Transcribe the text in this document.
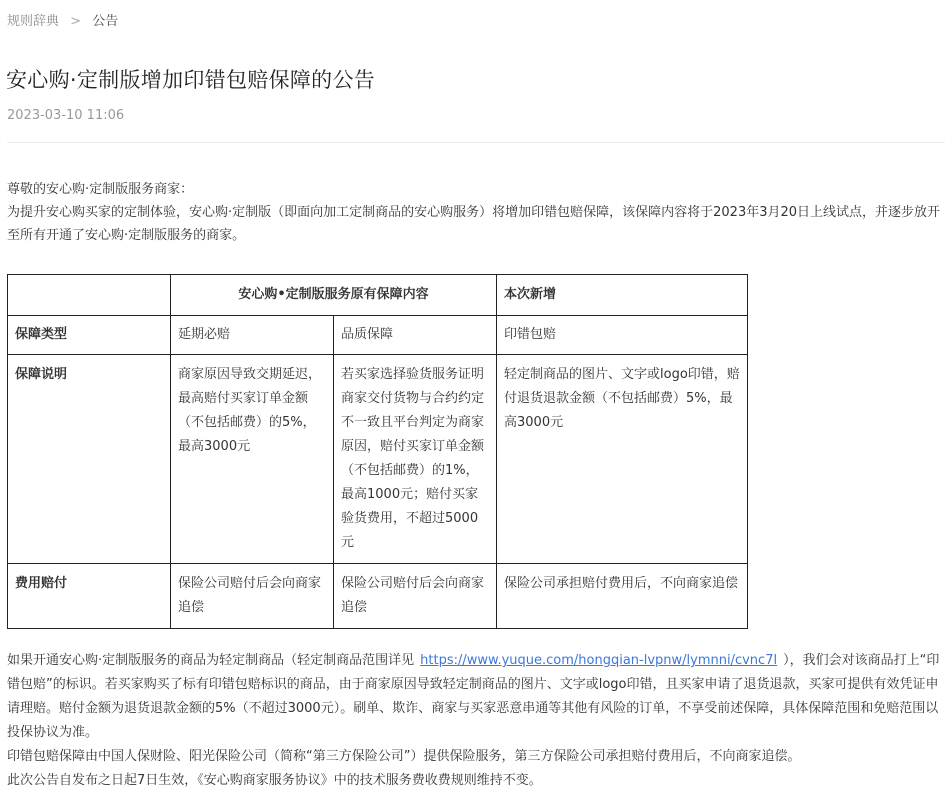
规则辞典 > 公告
安心购·定制版增加印错包赔保障的公告
2023-03-10 11:06
尊敬的安心购·定制版服务商家：
为提升安心购买家的定制体验，安心购·定制版（即面向加工定制商品的安心购服务）将增加印错包赔保障，该保障内容将于2023年3月20日上线试点，并逐步放开至所有开通了安心购·定制版服务的商家。
	安心购•定制版服务原有保障内容		本次新增
保障类型	延期必赔	品质保障	印错包赔
保障说明	商家原因导致交期延迟，最高赔付买家订单金额（不包括邮费）的5%，最高3000元	若买家选择验货服务证明商家交付货物与合约约定不一致且平台判定为商家原因，赔付买家订单金额（不包括邮费）的1%，最高1000元；赔付买家验货费用，不超过5000元	轻定制商品的图片、文字或logo印错，赔付退货退款金额（不包括邮费）5%，最高3000元
费用赔付	保险公司赔付后会向商家追偿	保险公司赔付后会向商家追偿	保险公司承担赔付费用后，不向商家追偿

如果开通安心购·定制版服务的商品为轻定制商品（轻定制商品范围详见 https://www.yuque.com/hongqian-lvpnw/lymnni/cvnc7l ），我们会对该商品打上“印错包赔”的标识。若买家购买了标有印错包赔标识的商品，由于商家原因导致轻定制商品的图片、文字或logo印错，且买家申请了退货退款，买家可提供有效凭证申请理赔。赔付金额为退货退款金额的5%（不超过3000元）。刷单、欺诈、商家与买家恶意串通等其他有风险的订单，不享受前述保障，具体保障范围和免赔范围以投保协议为准。

印错包赔保障由中国人保财险、阳光保险公司（简称“第三方保险公司”）提供保险服务，第三方保险公司承担赔付费用后，不向商家追偿。

此次公告自发布之日起7日生效，《安心购商家服务协议》中的技术服务费收费规则维持不变。
